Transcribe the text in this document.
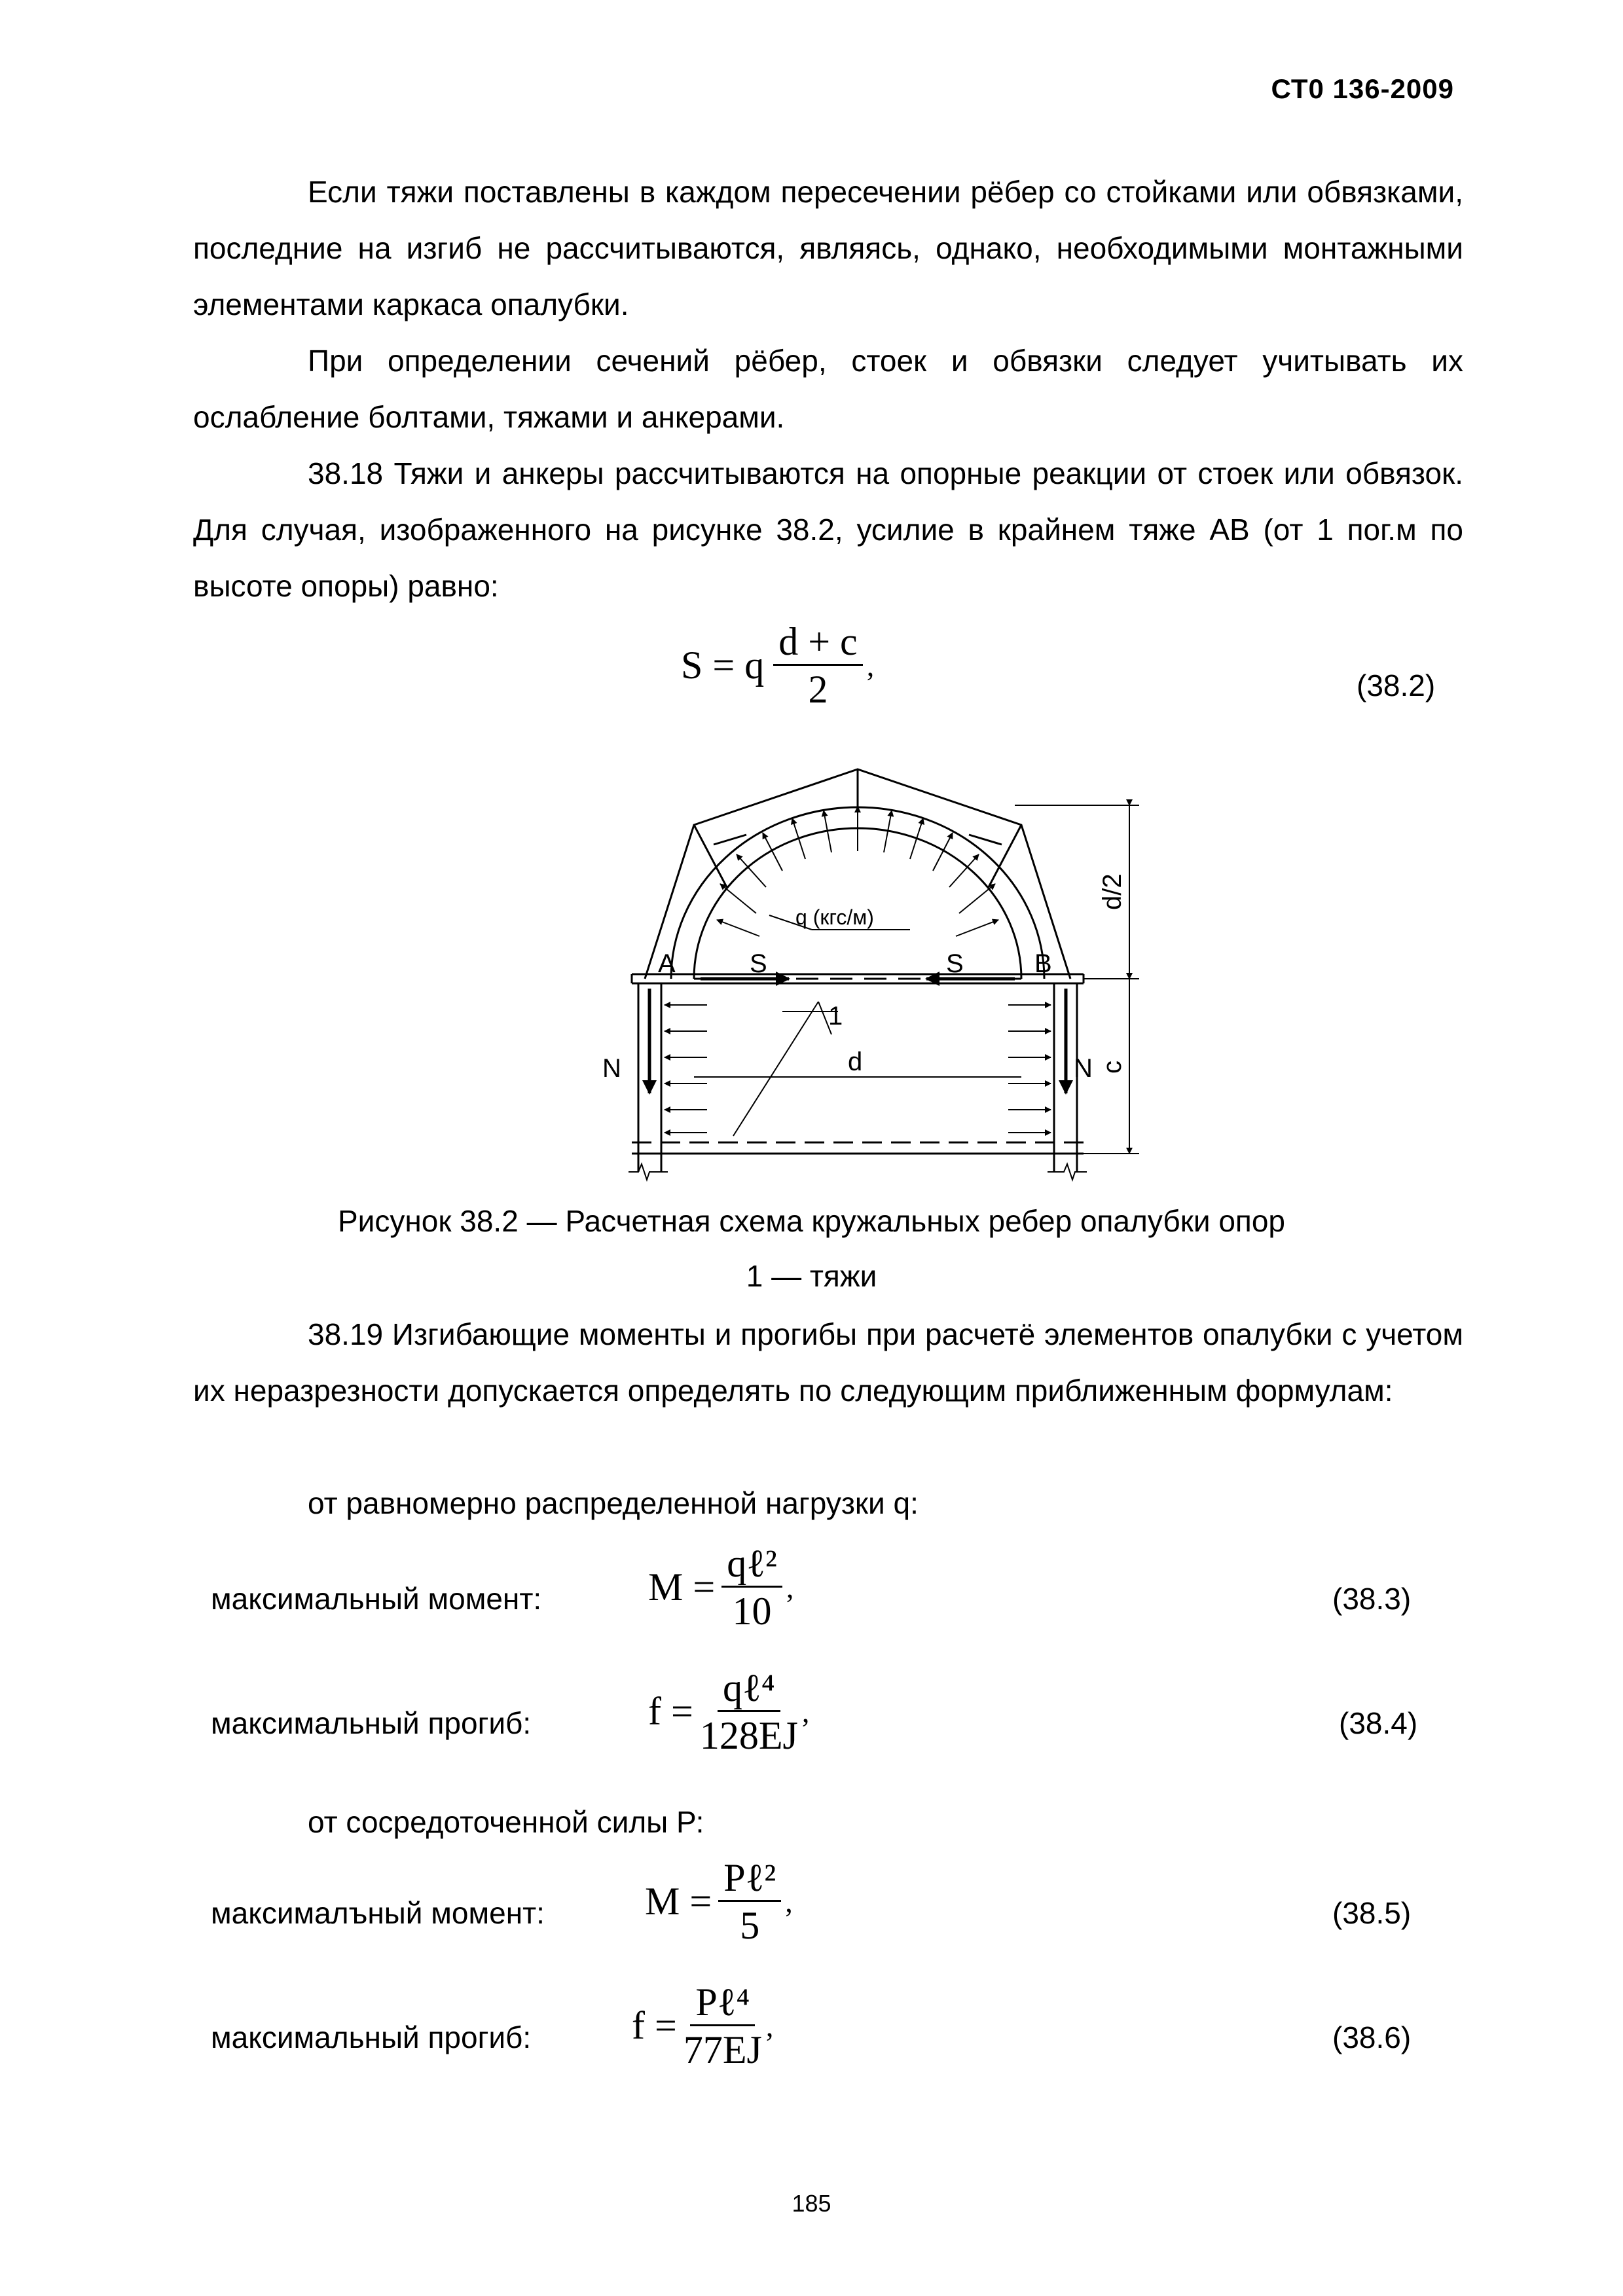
СТ0 136-2009
Если тяжи поставлены в каждом пересечении рёбер со стойками или обвязками, последние на изгиб не рассчитываются, являясь, однако, необходимыми монтажными элементами каркаса опалубки.
При определении сечений рёбер, стоек и обвязки следует учитывать их ослабление болтами, тяжами и анкерами.
38.18 Тяжи и анкеры рассчитываются на опорные реакции от стоек или обвязок. Для случая, изображенного на рисунке 38.2, усилие в крайнем тяже АВ (от 1 пог.м по высоте опоры) равно:
S = q $\frac{d + c}{2}$ ,
(38.2)
A	B
S	S
q (кгс/м)
1
d
N	N
d/2
c
Рисунок 38.2 — Расчетная схема кружальных ребер опалубки опор
1 — тяжи
38.19 Изгибающие моменты и прогибы при расчетё элементов опалубки с учетом их неразрезности допускается определять по следующим приближенным формулам:
от равномерно распределенной нагрузки q:
максимальный момент:	$M = \frac{\text{qℓ²}}{10}$ ,	(38.3)
максимальный прогиб:	$f = \frac{\text{qℓ⁴}}{128EJ}$ ,	(38.4)
от сосредоточенной силы Р:
максималъный момент:	$M = \frac{\text{Pℓ²}}{5}$ ,	(38.5)
максимальный прогиб:	$f = \frac{\text{Pℓ⁴}}{77EJ}$ ,	(38.6)
185
